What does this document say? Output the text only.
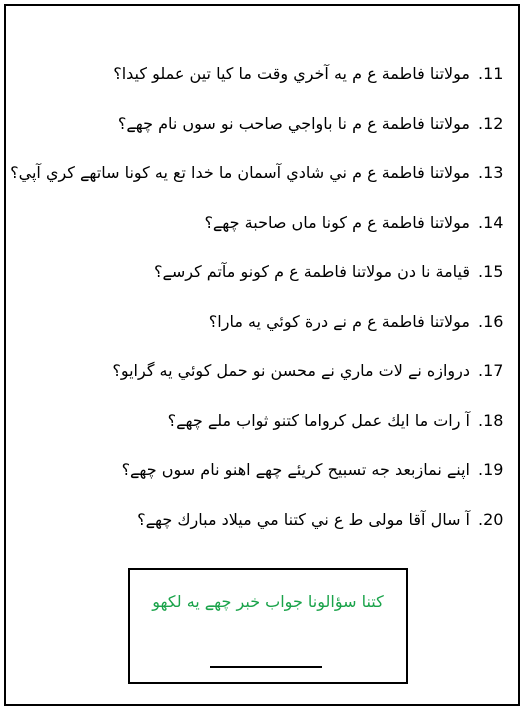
.11
مولاتنا فاطمة ع م يه آخري وقت ما كيا تين عملو كيدا؟
.12
مولاتنا فاطمة ع م نا باواجي صاحب نو سوں نام چھے؟
.13
مولاتنا فاطمة ع م ني شادي آسمان ما خدا تع يه كونا ساتهے كري آپي؟
.14
مولاتنا فاطمة ع م كونا ماں صاحبة چھے؟
.15
قيامة نا دن مولاتنا فاطمة ع م كونو مآتم كرسے؟
.16
مولاتنا فاطمة ع م نے درة كوئي يه مارا؟
.17
دروازه نے لات ماري نے محسن نو حمل كوئي يه گرايو؟
.18
آ رات ما ايك عمل كرواما كتنو ثواب ملے چھے؟
.19
اپنے نمازبعد جه تسبيح كريئے چھے اهنو نام سوں چھے؟
.20
آ سال آقا مولى ط ع ني كتنا مي ميلاد مبارك چھے؟
كتنا سؤالونا جواب خبر چھے يه لكهو
